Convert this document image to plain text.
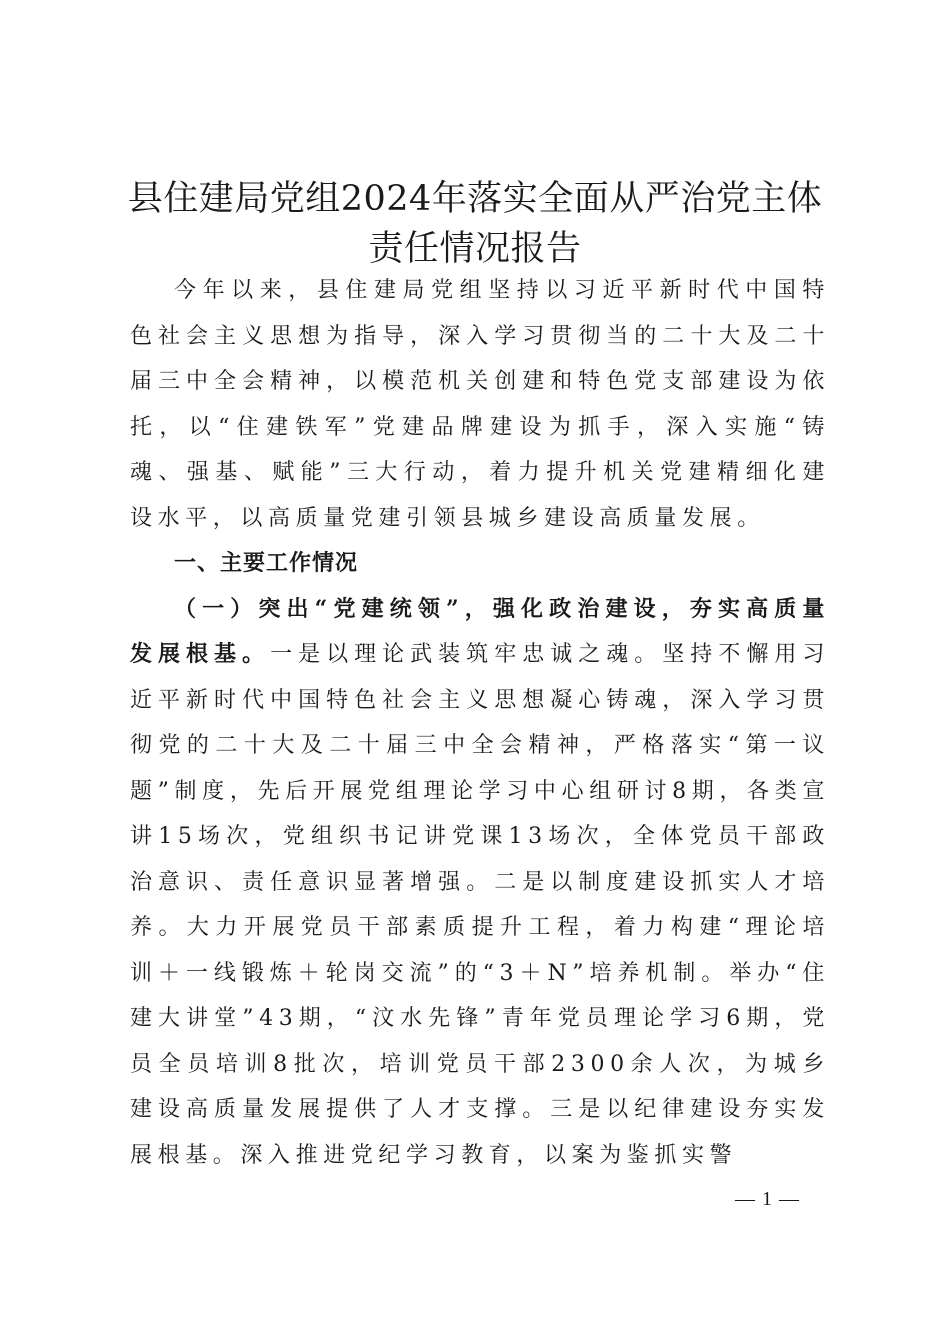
县住建局党组2024年落实全面从严治党主体
责任情况报告

今年以来，县住建局党组坚持以习近平新时代中国特色社会主义思想为指导，深入学习贯彻当的二十大及二十届三中全会精神，以模范机关创建和特色党支部建设为依托，以“住建铁军”党建品牌建设为抓手，深入实施“铸魂、强基、赋能”三大行动，着力提升机关党建精细化建设水平，以高质量党建引领县城乡建设高质量发展。

一、主要工作情况

（一）突出“党建统领”，强化政治建设，夯实高质量发展根基。一是以理论武装筑牢忠诚之魂。坚持不懈用习近平新时代中国特色社会主义思想凝心铸魂，深入学习贯彻党的二十大及二十届三中全会精神，严格落实“第一议题”制度，先后开展党组理论学习中心组研讨8期，各类宣讲15场次，党组织书记讲党课13场次，全体党员干部政治意识、责任意识显著增强。二是以制度建设抓实人才培养。大力开展党员干部素质提升工程，着力构建“理论培训＋一线锻炼＋轮岗交流”的“3＋N”培养机制。举办“住建大讲堂”43期，“汶水先锋”青年党员理论学习6期，党员全员培训8批次，培训党员干部2300余人次，为城乡建设高质量发展提供了人才支撑。三是以纪律建设夯实发展根基。深入推进党纪学习教育，以案为鉴抓实警

— 1 —
